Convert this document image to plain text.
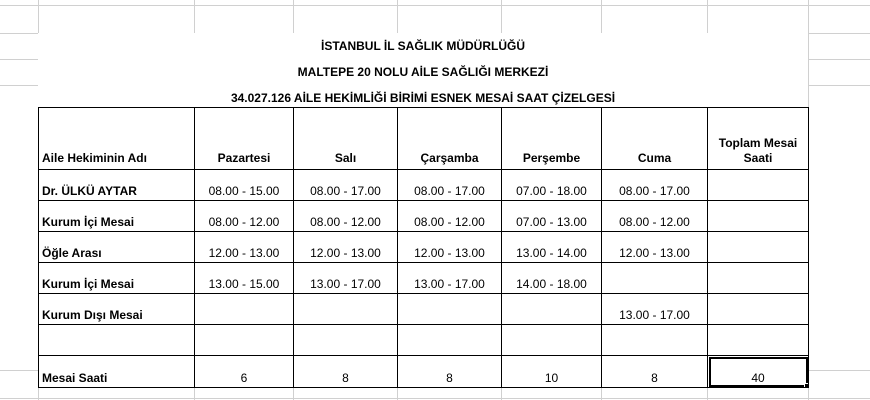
İSTANBUL İL SAĞLIK MÜDÜRLÜĞÜ
MALTEPE 20 NOLU AİLE SAĞLIĞI MERKEZİ
34.027.126 AİLE HEKİMLİĞİ BİRİMİ ESNEK MESAİ SAAT ÇİZELGESİ
Aile Hekiminin Adı	Pazartesi	Salı	Çarşamba	Perşembe	Cuma	Toplam Mesai Saati
Dr. ÜLKÜ AYTAR	08.00 - 15.00	08.00 - 17.00	08.00 - 17.00	07.00 - 18.00	08.00 - 17.00	
Kurum İçi Mesai	08.00 - 12.00	08.00 - 12.00	08.00 - 12.00	07.00 - 13.00	08.00 - 12.00	
Öğle Arası	12.00 - 13.00	12.00 - 13.00	12.00 - 13.00	13.00 - 14.00	12.00 - 13.00	
Kurum İçi Mesai	13.00 - 15.00	13.00 - 17.00	13.00 - 17.00	14.00 - 18.00		
Kurum Dışı Mesai					13.00 - 17.00	

Mesai Saati	6	8	8	10	8	40
